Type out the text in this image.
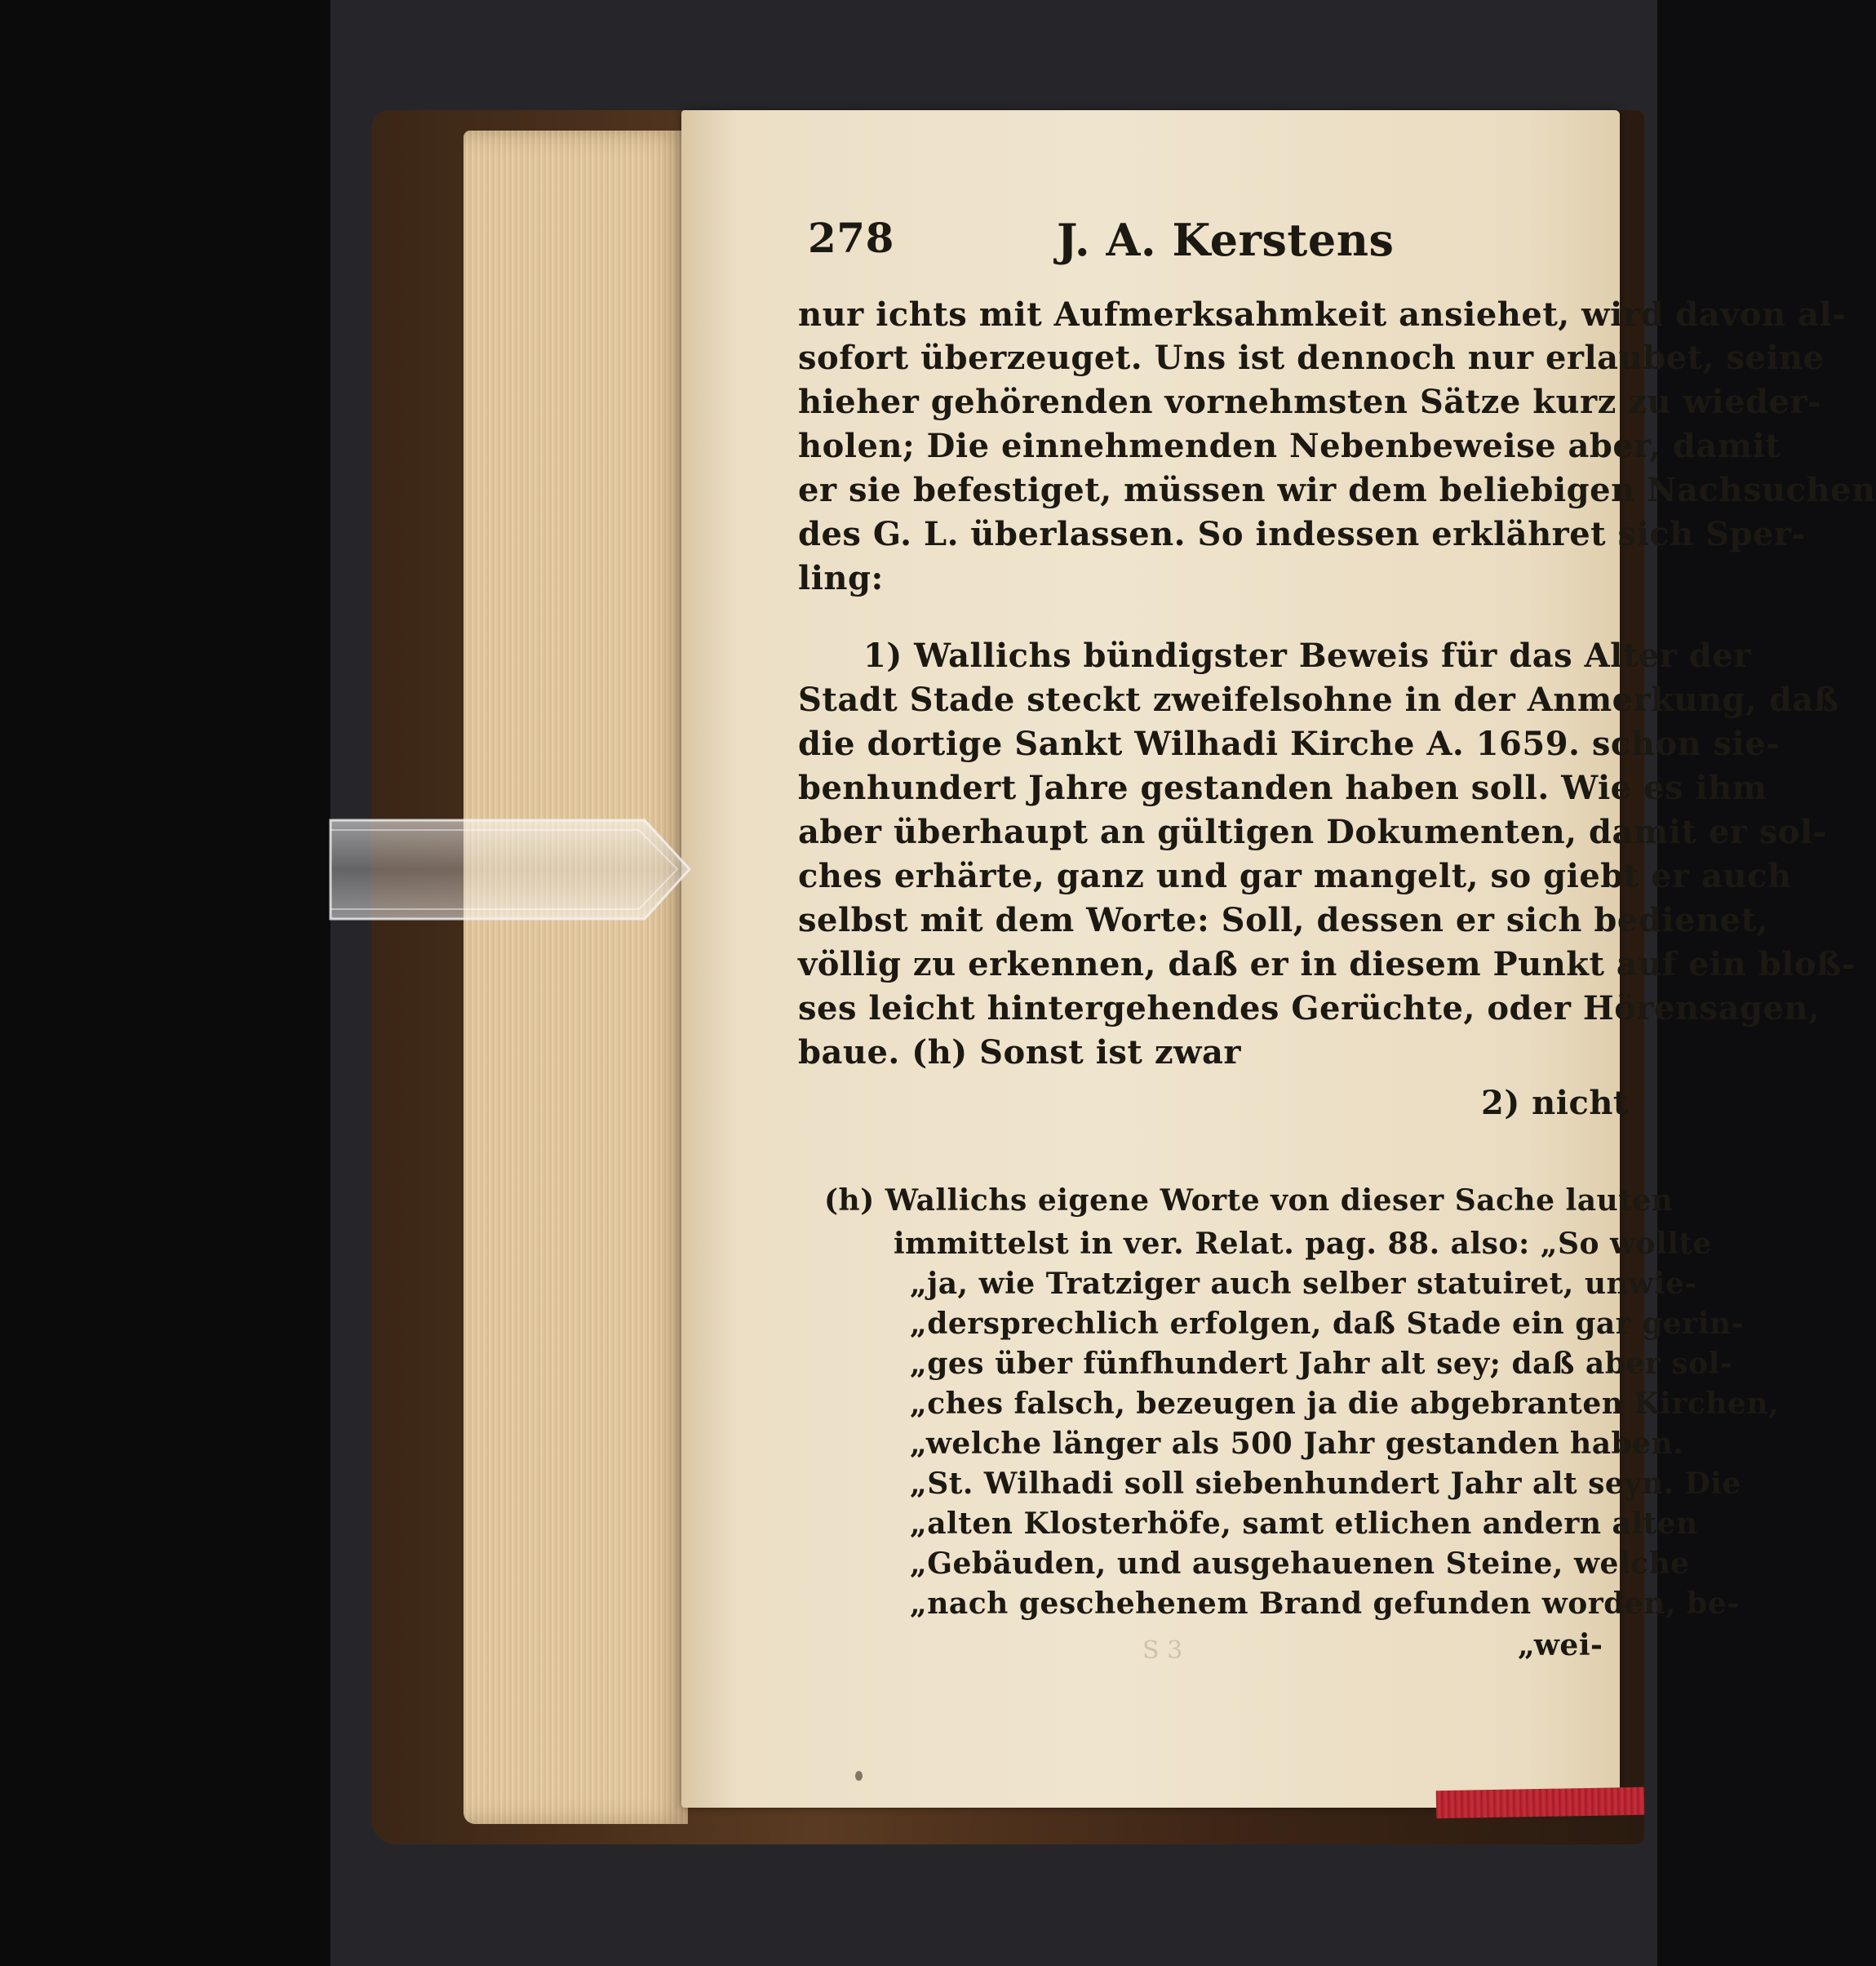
278	J. A. Kerstens
nur ichts mit Aufmerksahmkeit ansiehet, wird davon al-
sofort überzeuget. Uns ist dennoch nur erlaubet, seine
hieher gehörenden vornehmsten Sätze kurz zu wieder-
holen; Die einnehmenden Nebenbeweise aber, damit
er sie befestiget, müssen wir dem beliebigen Nachsuchen
des G. L. überlassen. So indessen erklähret sich Sper-
ling:
1) Wallichs bündigster Beweis für das Alter der
Stadt Stade steckt zweifelsohne in der Anmerkung, daß
die dortige Sankt Wilhadi Kirche A. 1659. schon sie-
benhundert Jahre gestanden haben soll. Wie es ihm
aber überhaupt an gültigen Dokumenten, damit er sol-
ches erhärte, ganz und gar mangelt, so giebt er auch
selbst mit dem Worte: Soll, dessen er sich bedienet,
völlig zu erkennen, daß er in diesem Punkt auf ein bloß-
ses leicht hintergehendes Gerüchte, oder Hörensagen,
baue. (h) Sonst ist zwar
2) nicht
(h) Wallichs eigene Worte von dieser Sache lauten
immittelst in ver. Relat. pag. 88. also: „So wollte
„ja, wie Tratziger auch selber statuiret, unwie-
„dersprechlich erfolgen, daß Stade ein gar gerin-
„ges über fünfhundert Jahr alt sey; daß aber sol-
„ches falsch, bezeugen ja die abgebranten Kirchen,
„welche länger als 500 Jahr gestanden haben.
„St. Wilhadi soll siebenhundert Jahr alt seyn. Die
„alten Klosterhöfe, samt etlichen andern alten
„Gebäuden, und ausgehauenen Steine, welche
„nach geschehenem Brand gefunden worden, be-
„wei-
S 3
